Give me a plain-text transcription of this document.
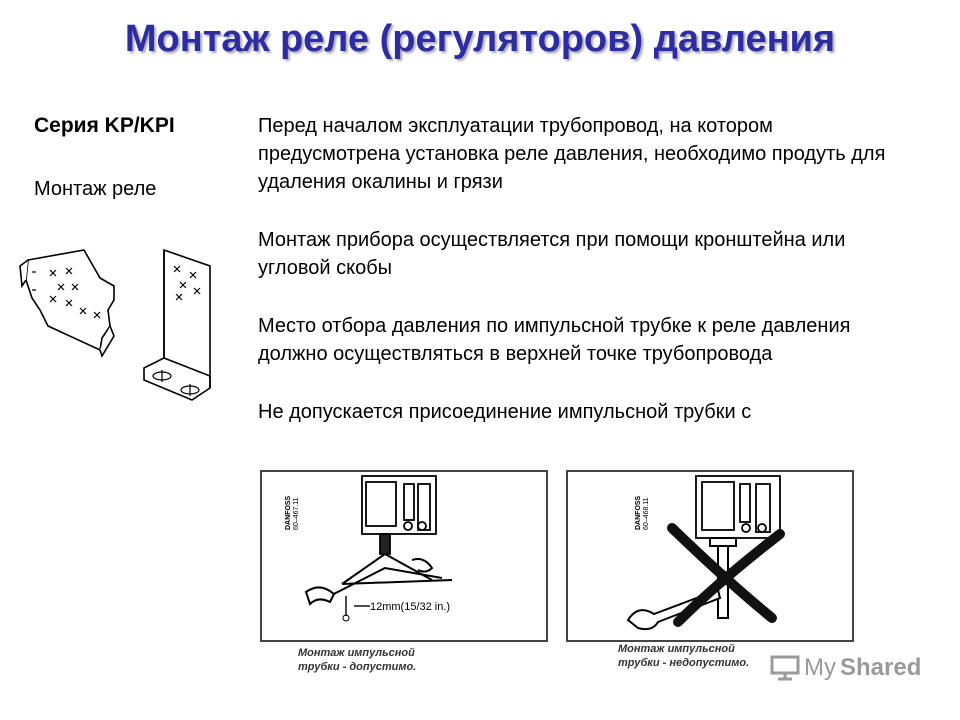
Монтаж реле (регуляторов) давления
Серия KP/KPI
Монтаж реле

Перед началом эксплуатации трубопровод, на котором предусмотрена установка реле давления, необходимо продуть для удаления окалины и грязи

Монтаж прибора осуществляется при помощи кронштейна или угловой скобы

Место отбора давления по импульсной трубке к реле давления должно осуществляться в верхней точке трубопровода

Не допускается присоединение импульсной трубки с

DANFOSS 60–467.11
12mm(15/32 in.)
Монтаж импульсной
трубки - допустимо.
DANFOSS 60–468.11
Монтаж импульсной
трубки - недопустимо. My Shared
